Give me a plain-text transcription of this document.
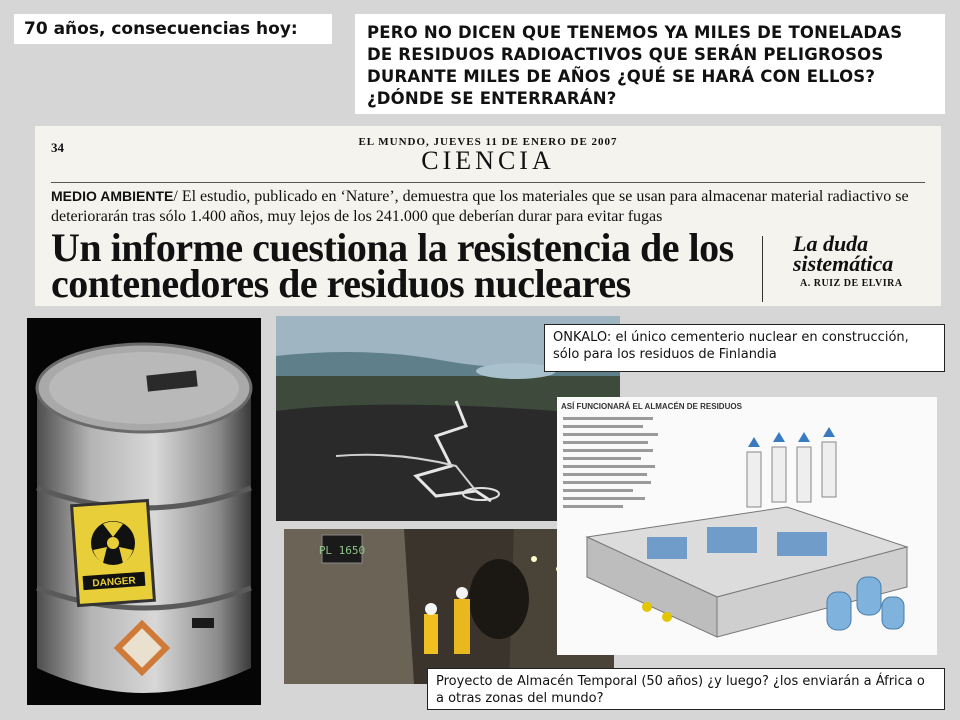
70 años, consecuencias hoy:	PERO NO DICEN QUE TENEMOS YA MILES DE TONELADAS DE RESIDUOS RADIOACTIVOS QUE SERÁN PELIGROSOS DURANTE MILES DE AÑOS ¿QUÉ SE HARÁ CON ELLOS? ¿DÓNDE SE ENTERRARÁN?
34	EL MUNDO, JUEVES 11 DE ENERO DE 2007
CIENCIA
MEDIO AMBIENTE/ El estudio, publicado en ‘Nature’, demuestra que los materiales que se usan para almacenar material radiactivo se deteriorarán tras sólo 1.400 años, muy lejos de los 241.000 que deberían durar para evitar fugas
Un informe cuestiona la resistencia de los contenedores de residuos nucleares
La duda sistemática
A. RUIZ DE ELVIRA
DANGER
PL 1650
ASÍ FUNCIONARÁ EL ALMACÉN DE RESIDUOS
ONKALO: el único cementerio nuclear en construcción, sólo para los residuos de Finlandia
Proyecto de Almacén Temporal (50 años) ¿y luego? ¿los enviarán a África o a otras zonas del mundo?
